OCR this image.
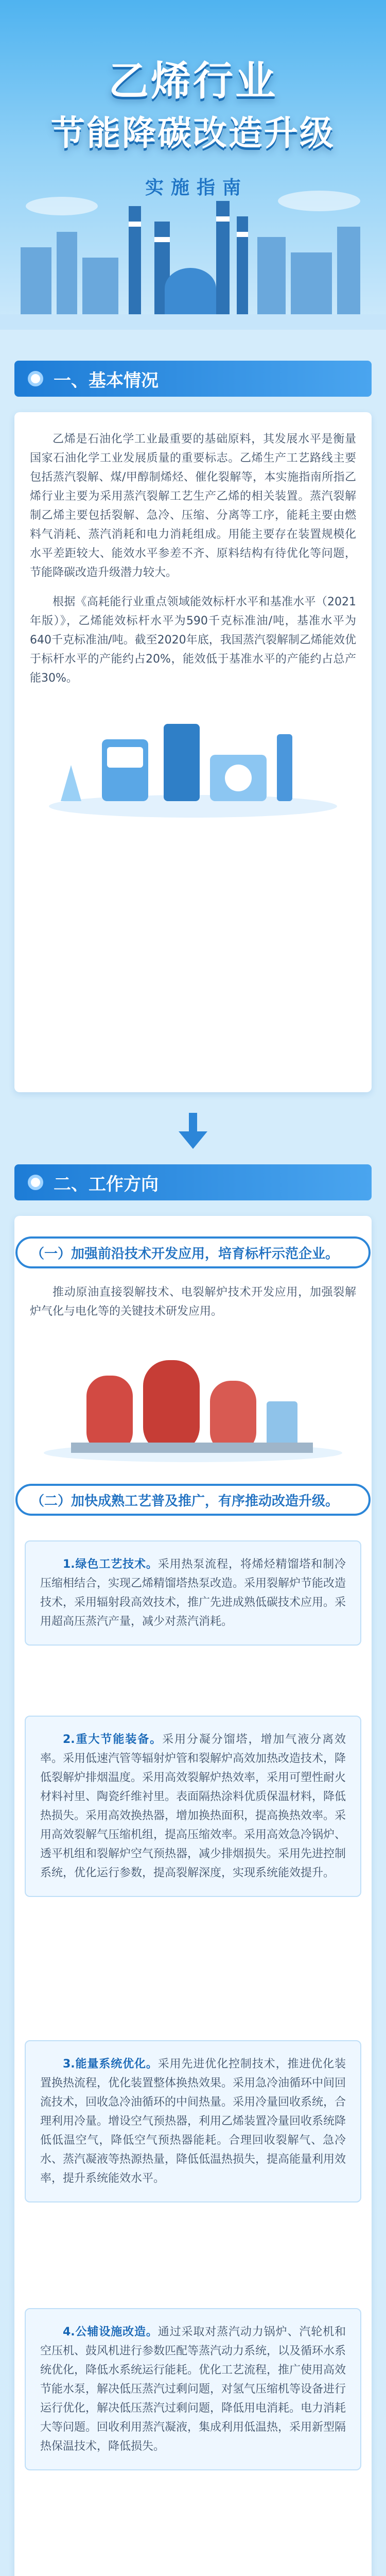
乙烯行业
节能降碳改造升级
实施指南
一、基本情况

乙烯是石油化学工业最重要的基础原料，其发展水平是衡量国家石油化学工业发展质量的重要标志。乙烯生产工艺路线主要包括蒸汽裂解、煤/甲醇制烯烃、催化裂解等，本实施指南所指乙烯行业主要为采用蒸汽裂解工艺生产乙烯的相关装置。蒸汽裂解制乙烯主要包括裂解、急冷、压缩、分离等工序，能耗主要由燃料气消耗、蒸汽消耗和电力消耗组成。用能主要存在装置规模化水平差距较大、能效水平参差不齐、原料结构有待优化等问题，节能降碳改造升级潜力较大。

根据《高耗能行业重点领域能效标杆水平和基准水平（2021年版）》，乙烯能效标杆水平为590千克标准油/吨，基准水平为640千克标准油/吨。截至2020年底，我国蒸汽裂解制乙烯能效优于标杆水平的产能约占20%，能效低于基准水平的产能约占总产能30%。

二、工作方向
（一）加强前沿技术开发应用，培育标杆示范企业。

推动原油直接裂解技术、电裂解炉技术开发应用，加强裂解炉气化与电化等的关键技术研发应用。

（二）加快成熟工艺普及推广，有序推动改造升级。

1.绿色工艺技术。采用热泵流程，将烯烃精馏塔和制冷压缩相结合，实现乙烯精馏塔热泵改造。采用裂解炉节能改造技术，采用辐射段高效技术，推广先进成熟低碳技术应用。采用超高压蒸汽产量，减少对蒸汽消耗。

2.重大节能装备。采用分凝分馏塔，增加气液分离效率。采用低速汽管等辐射炉管和裂解炉高效加热改造技术，降低裂解炉排烟温度。采用高效裂解炉热效率，采用可塑性耐火材料衬里、陶瓷纤维衬里。表面隔热涂料优质保温材料，降低热损失。采用高效换热器，增加换热面积，提高换热效率。采用高效裂解气压缩机组，提高压缩效率。采用高效急冷锅炉、透平机组和裂解炉空气预热器，减少排烟损失。采用先进控制系统，优化运行参数，提高裂解深度，实现系统能效提升。

3.能量系统优化。采用先进优化控制技术，推进优化装置换热流程，优化装置整体换热效果。采用急冷油循环中间回流技术，回收急冷油循环的中间热量。采用冷量回收系统，合理利用冷量。增设空气预热器，利用乙烯装置冷量回收系统降低低温空气，降低空气预热器能耗。合理回收裂解气、急冷水、蒸汽凝液等热源热量，降低低温热损失，提高能量利用效率，提升系统能效水平。

4.公辅设施改造。通过采取对蒸汽动力锅炉、汽轮机和空压机、鼓风机进行参数匹配等蒸汽动力系统，以及循环水系统优化，降低水系统运行能耗。优化工艺流程，推广使用高效节能水泵，解决低压蒸汽过剩问题，对氢气压缩机等设备进行运行优化，解决低压蒸汽过剩问题，降低用电消耗。电力消耗大等问题。回收利用蒸汽凝液，集成利用低温热，采用新型隔热保温技术，降低损失。
